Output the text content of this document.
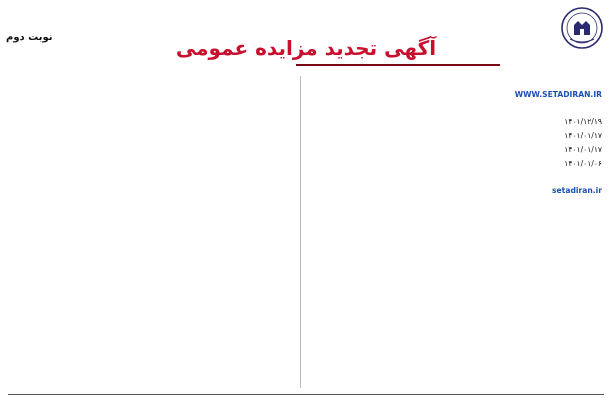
نوبت دوم	آگهی تجدید مزایده عمومی

WWW.SETADIRAN.IR

۱۴۰۱/۱۲/۱۹
۱۴۰۱/۰۱/۱۷
۱۴۰۱/۰۱/۱۷
۱۴۰۱/۰۱/۰۶

setadiran.ir
